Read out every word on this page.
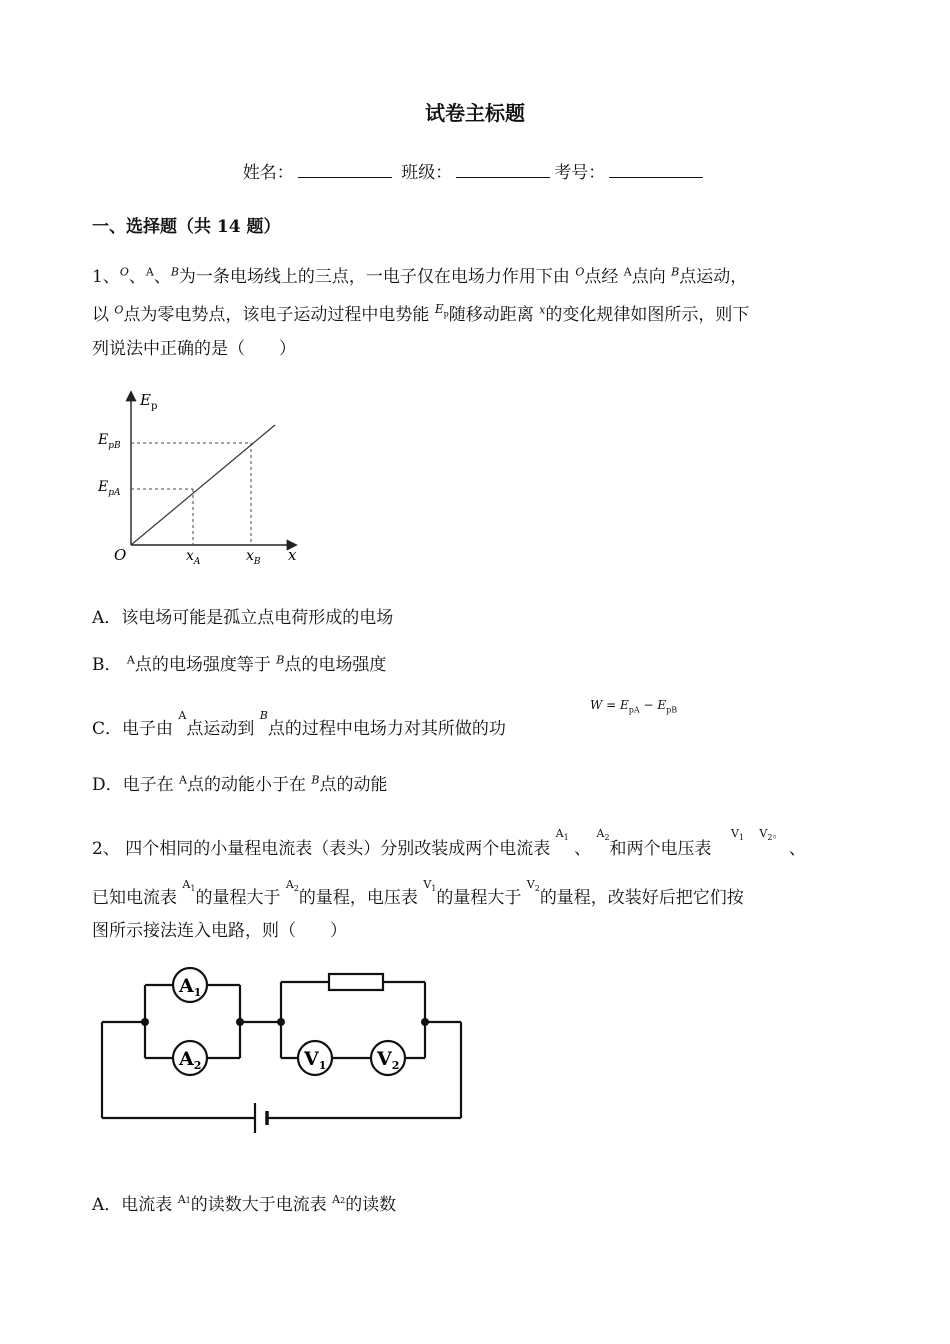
试卷主标题
姓名：	班级：	考号：
一、选择题（共 14 题）
1、$^O$、$^A$、$^B$为一条电场线上的三点，一电子仅在电场力作用下由 $^O$点经 $^A$点向 $^B$点运动，
以 $^O$点为零电势点，该电子运动过程中电势能 $^{E_p}$随移动距离 $^x$的变化规律如图所示，则下
列说法中正确的是（　　）
$E_p$
$E_{pB}$
$E_{pA}$
O	$x_A$	$x_B$ x
A．该电场可能是孤立点电荷形成的电场
B． $^A$点的电场强度等于 $^B$点的电场强度
C．电子由 $^A$点运动到 $^B$点的过程中电场力对其所做的功
$W = E_{pA} - E_{pB}$
D．电子在 $^A$点的动能小于在 $^B$点的动能
2、 四个相同的小量程电流表（表头）分别改装成两个电流表 $^{A_1}$ 、 $^{A_2}$和两个电压表 $^{V_1}$ $^{V_2。}$ 、
已知电流表 $^{A_1}$的量程大于 $^{A_2}$的量程，电压表 $^{V_1}$的量程大于 $^{V_2}$的量程，改装好后把它们按
图所示接法连入电路，则（　　）
$A_1$
$A_2$	$V_1$	$V_2$
A．电流表 $^{A1}$的读数大于电流表 $^{A2}$的读数
